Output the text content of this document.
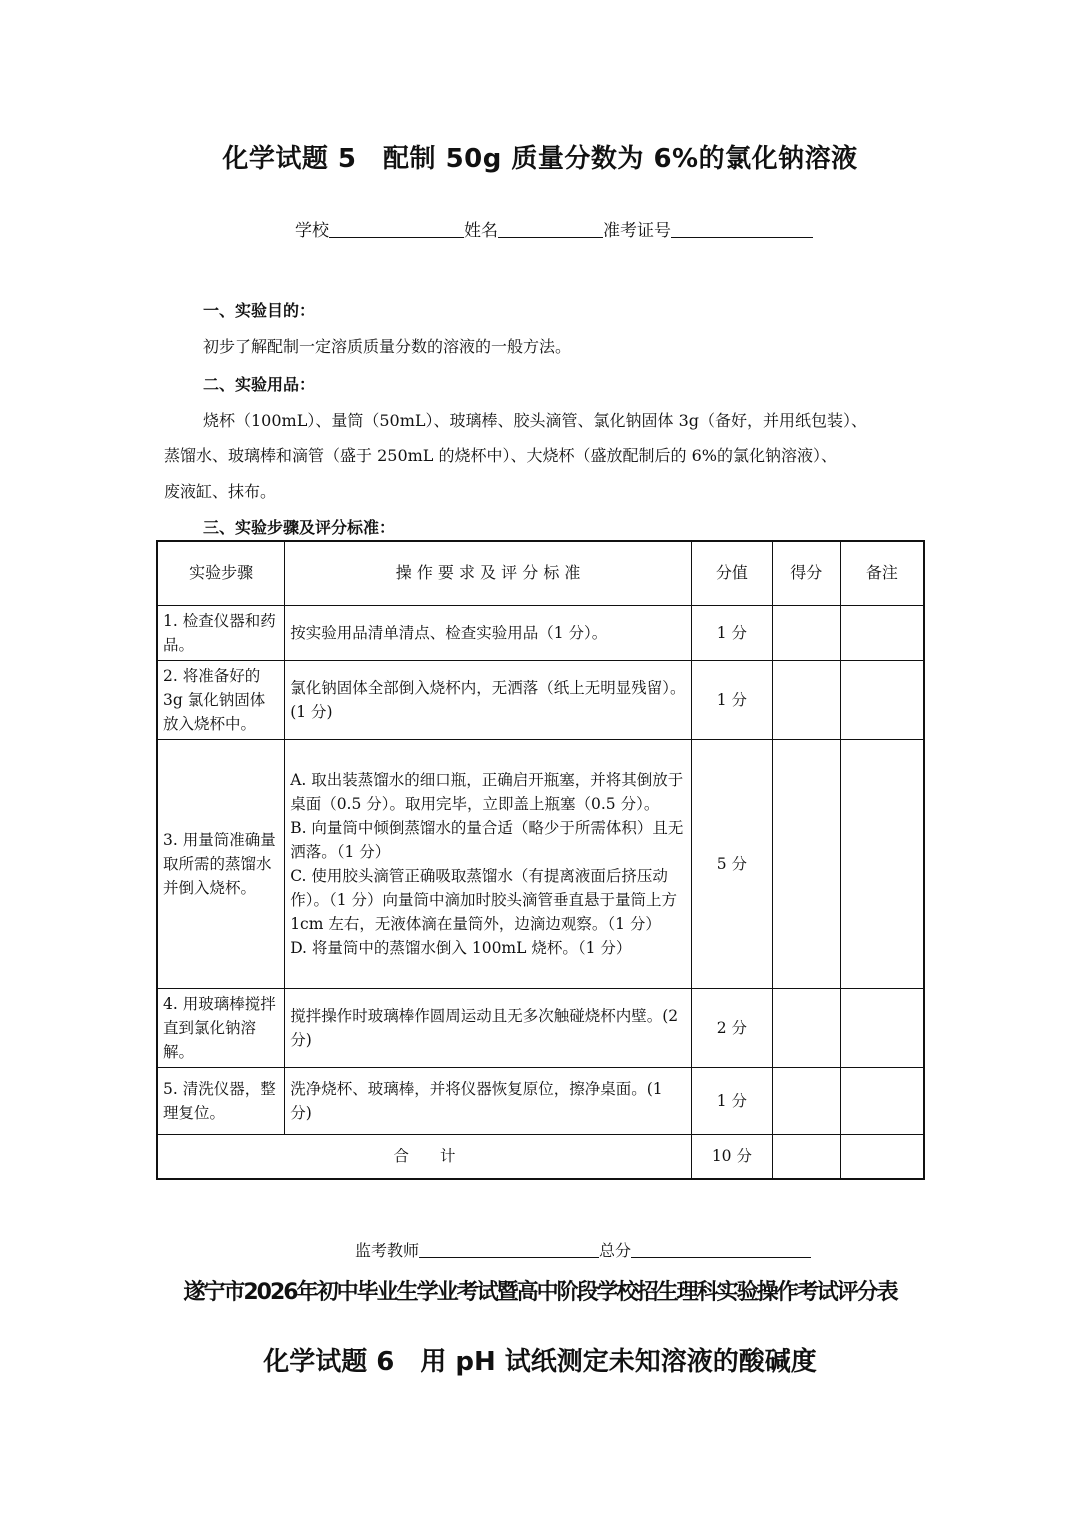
化学试题 5　配制 50g 质量分数为 6%的氯化钠溶液
学校	姓名	准考证号
一、实验目的：
初步了解配制一定溶质质量分数的溶液的一般方法。
二、实验用品：
烧杯（100mL）、量筒（50mL）、玻璃棒、胶头滴管、氯化钠固体 3g（备好，并用纸包装）、
蒸馏水、玻璃棒和滴管（盛于 250mL 的烧杯中）、大烧杯（盛放配制后的 6%的氯化钠溶液）、
废液缸、抹布。
三、实验步骤及评分标准：
实验步骤	操 作 要 求 及 评 分 标 准	分值	得分	备注
1. 检查仪器和药品。	按实验用品清单清点、检查实验用品（1 分）。	1 分		
2. 将准备好的 3g 氯化钠固体放入烧杯中。	氯化钠固体全部倒入烧杯内，无洒落（纸上无明显残留）。(1 分)	1 分		
3. 用量筒准确量取所需的蒸馏水并倒入烧杯。	A. 取出装蒸馏水的细口瓶，正确启开瓶塞，并将其倒放于桌面（0.5 分）。取用完毕，立即盖上瓶塞（0.5 分）。
B. 向量筒中倾倒蒸馏水的量合适（略少于所需体积）且无洒落。（1 分）
C. 使用胶头滴管正确吸取蒸馏水（有提离液面后挤压动作）。（1 分）向量筒中滴加时胶头滴管垂直悬于量筒上方 1cm 左右，无液体滴在量筒外，边滴边观察。（1 分）
D. 将量筒中的蒸馏水倒入 100mL 烧杯。（1 分）	5 分		
4. 用玻璃棒搅拌直到氯化钠溶解。	搅拌操作时玻璃棒作圆周运动且无多次触碰烧杯内壁。(2 分)	2 分		
5. 清洗仪器，整理复位。	洗净烧杯、玻璃棒，并将仪器恢复原位，擦净桌面。(1 分)	1 分		
合　　计		10 分		
监考教师	总分
遂宁市2026年初中毕业生学业考试暨高中阶段学校招生理科实验操作考试评分表
化学试题 6　用 pH 试纸测定未知溶液的酸碱度
